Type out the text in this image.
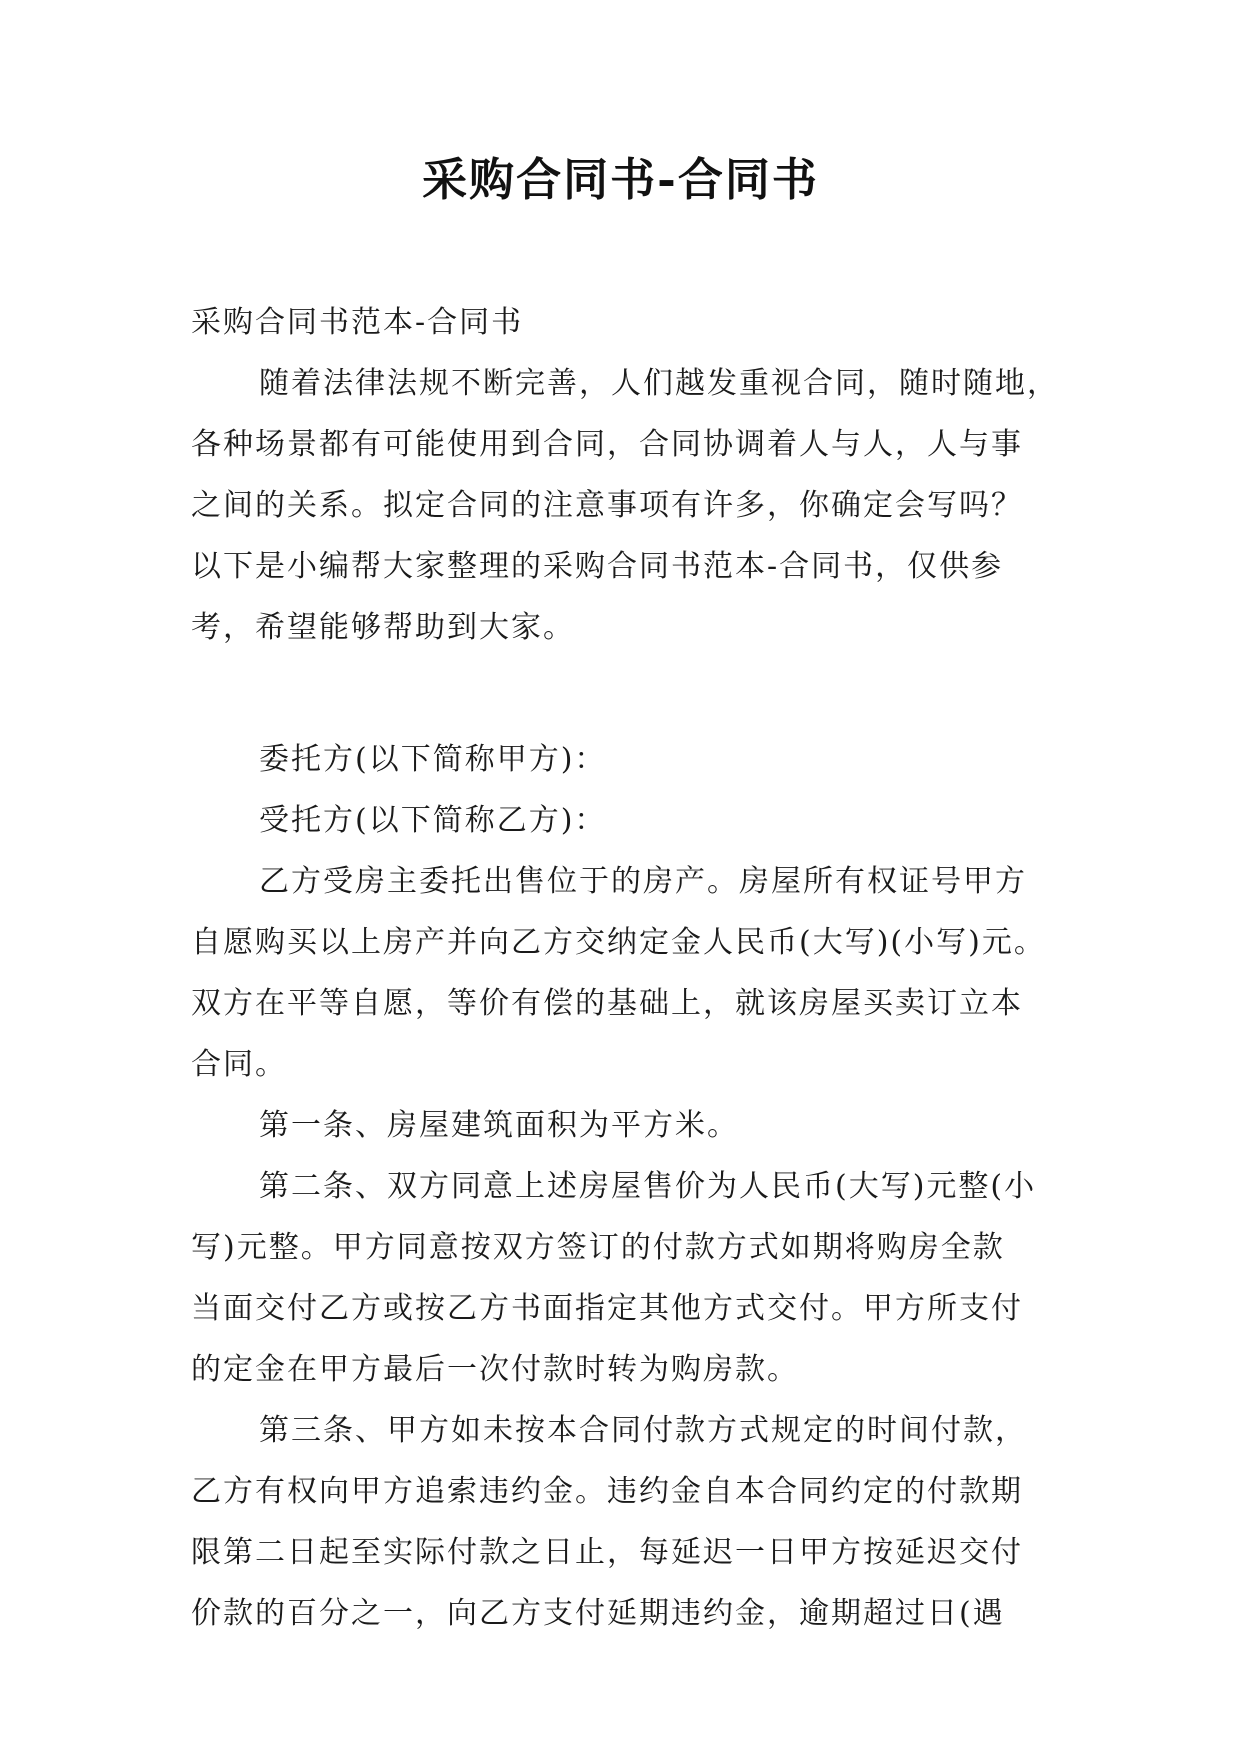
采购合同书-合同书
采购合同书范本-合同书
随着法律法规不断完善，人们越发重视合同，随时随地，
各种场景都有可能使用到合同，合同协调着人与人，人与事
之间的关系。拟定合同的注意事项有许多，你确定会写吗？
以下是小编帮大家整理的采购合同书范本-合同书，仅供参
考，希望能够帮助到大家。
委托方(以下简称甲方)：
受托方(以下简称乙方)：
乙方受房主委托出售位于的房产。房屋所有权证号甲方
自愿购买以上房产并向乙方交纳定金人民币(大写)(小写)元。
双方在平等自愿，等价有偿的基础上，就该房屋买卖订立本
合同。
第一条、房屋建筑面积为平方米。
第二条、双方同意上述房屋售价为人民币(大写)元整(小
写)元整。甲方同意按双方签订的付款方式如期将购房全款
当面交付乙方或按乙方书面指定其他方式交付。甲方所支付
的定金在甲方最后一次付款时转为购房款。
第三条、甲方如未按本合同付款方式规定的时间付款，
乙方有权向甲方追索违约金。违约金自本合同约定的付款期
限第二日起至实际付款之日止，每延迟一日甲方按延迟交付
价款的百分之一，向乙方支付延期违约金，逾期超过日(遇
